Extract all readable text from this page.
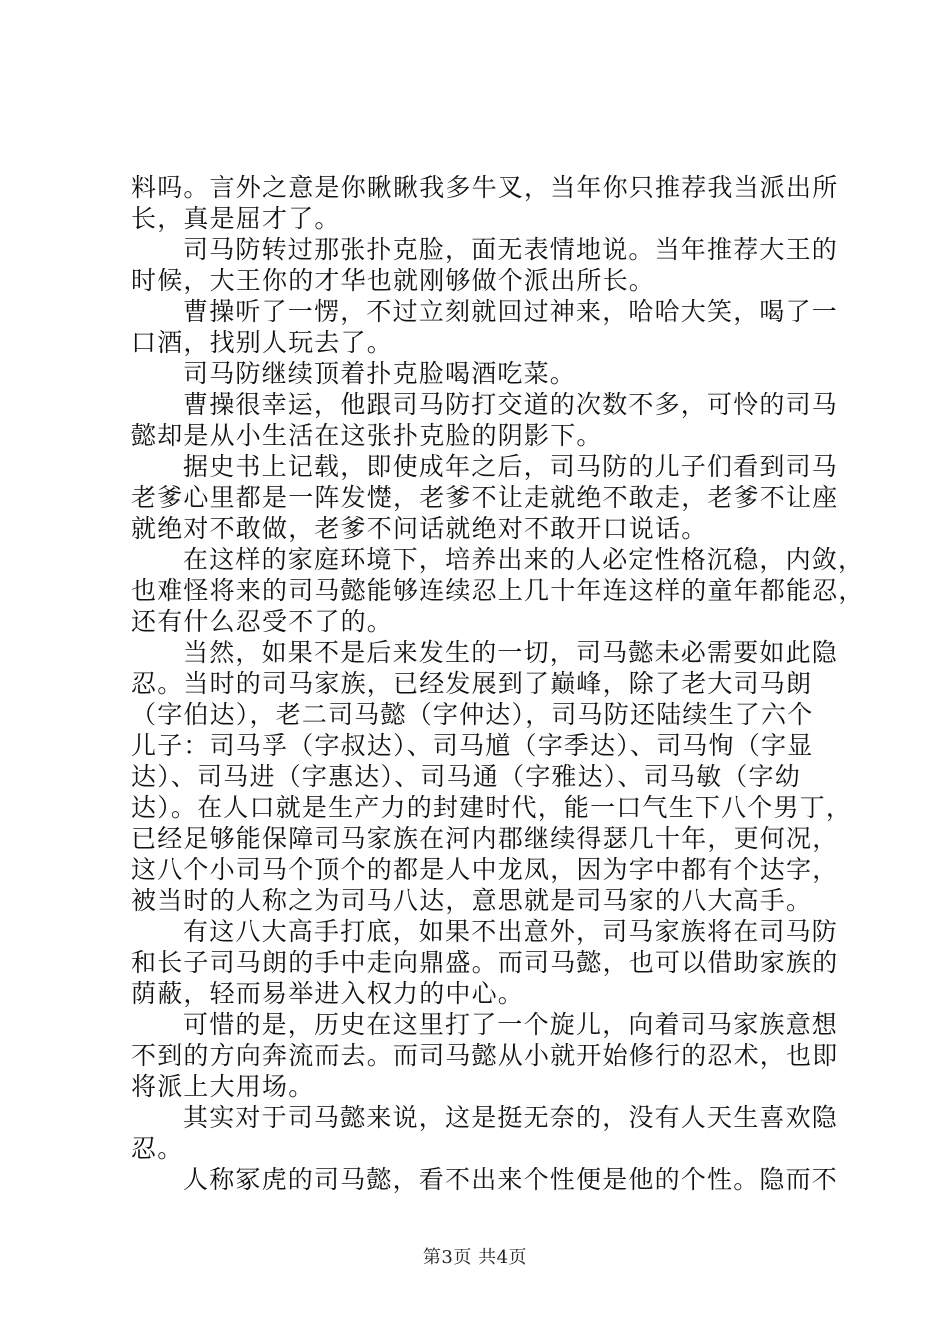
料吗。言外之意是你瞅瞅我多牛叉，当年你只推荐我当派出所
长，真是屈才了。
司马防转过那张扑克脸，面无表情地说。当年推荐大王的
时候，大王你的才华也就刚够做个派出所长。
曹操听了一愣，不过立刻就回过神来，哈哈大笑，喝了一
口酒，找别人玩去了。
司马防继续顶着扑克脸喝酒吃菜。
曹操很幸运，他跟司马防打交道的次数不多，可怜的司马
懿却是从小生活在这张扑克脸的阴影下。
据史书上记载，即使成年之后，司马防的儿子们看到司马
老爹心里都是一阵发憷，老爹不让走就绝不敢走，老爹不让座
就绝对不敢做，老爹不问话就绝对不敢开口说话。
在这样的家庭环境下，培养出来的人必定性格沉稳，内敛，
也难怪将来的司马懿能够连续忍上几十年连这样的童年都能忍，
还有什么忍受不了的。
当然，如果不是后来发生的一切，司马懿未必需要如此隐
忍。当时的司马家族，已经发展到了巅峰，除了老大司马朗
（字伯达），老二司马懿（字仲达），司马防还陆续生了六个
儿子：司马孚（字叔达）、司马馗（字季达）、司马恂（字显
达）、司马进（字惠达）、司马通（字雅达）、司马敏（字幼
达）。在人口就是生产力的封建时代，能一口气生下八个男丁，
已经足够能保障司马家族在河内郡继续得瑟几十年，更何况，
这八个小司马个顶个的都是人中龙凤，因为字中都有个达字，
被当时的人称之为司马八达，意思就是司马家的八大高手。
有这八大高手打底，如果不出意外，司马家族将在司马防
和长子司马朗的手中走向鼎盛。而司马懿，也可以借助家族的
荫蔽，轻而易举进入权力的中心。
可惜的是，历史在这里打了一个旋儿，向着司马家族意想
不到的方向奔流而去。而司马懿从小就开始修行的忍术，也即
将派上大用场。
其实对于司马懿来说，这是挺无奈的，没有人天生喜欢隐
忍。
人称冢虎的司马懿，看不出来个性便是他的个性。隐而不
第3页 共4页
